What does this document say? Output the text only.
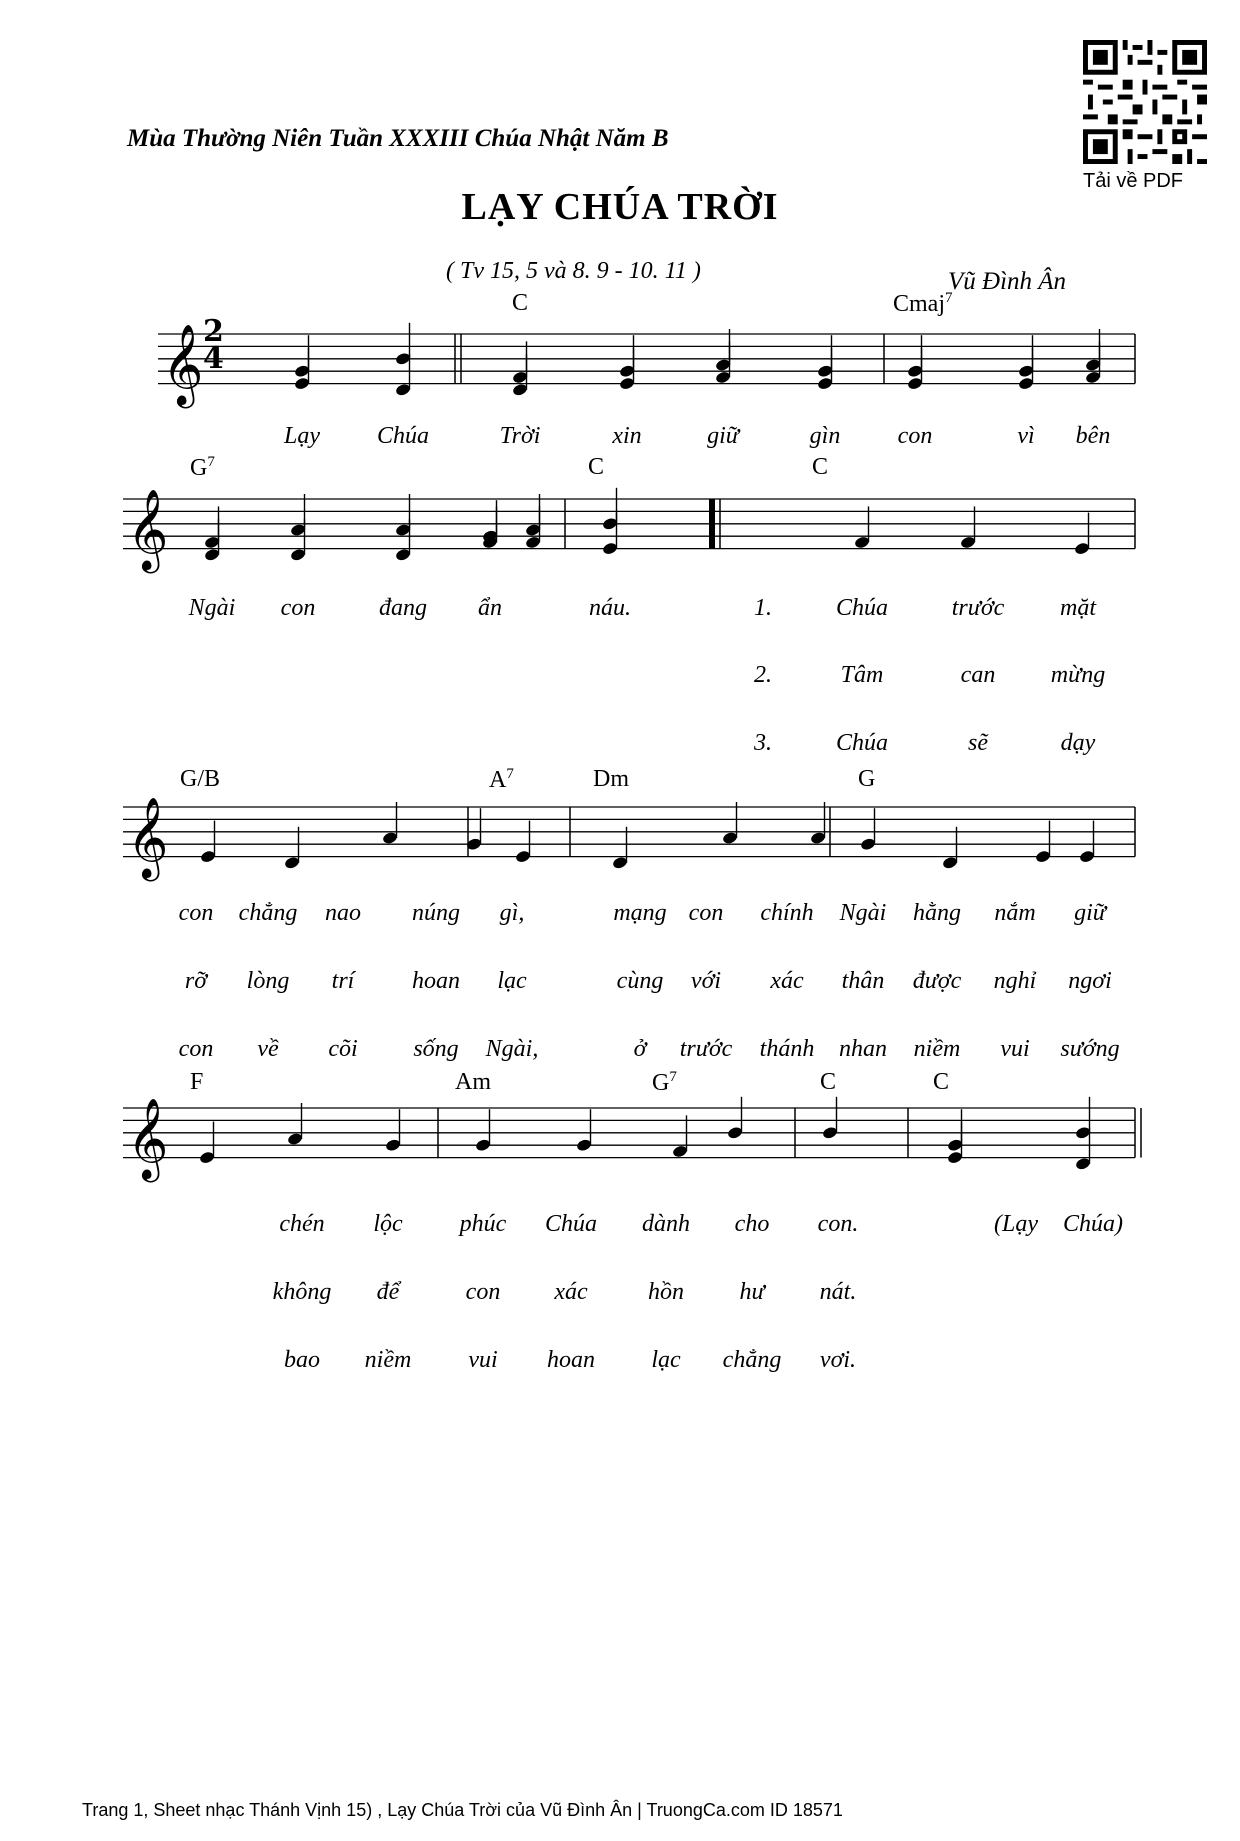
Mùa Thường Niên Tuần XXXIII Chúa Nhật Năm B
LẠY CHÚA TRỜI
( Tv 15, 5 và 8. 9 - 10. 11 )	Vũ Đình Ân
Tải về PDF
𝄞
𝄞
𝄞
𝄞
2
4
C	Cmaj$^7$
$G^7$	C	C
G/B	$A^7$	Dm	G
F	Am	$G^7$	C	C
Lạy Chúa	Trời	xin	giữ	gìn con	vì bên
Ngài con	đang ẩn	náu.	1.	Chúa	trước mặt
2.	Tâm	can mừng
3.	Chúa	sẽ	dạy
con chẳng nao núng gì,	mạng con chính Ngài hằng nắm giữ
rỡ lòng trí hoan lạc	cùng với xác thân được nghỉ ngơi
con về cõi sống Ngài,	ở trước thánh nhan niềm vui sướng
chén lộc phúc Chúa dành cho con.	(Lạy Chúa)
không để	con xác	hồn hư nát.
bao niềm vui hoan lạc chẳng vơi.
Trang 1, Sheet nhạc Thánh Vịnh 15) , Lạy Chúa Trời của Vũ Đình Ân | TruongCa.com ID 18571
